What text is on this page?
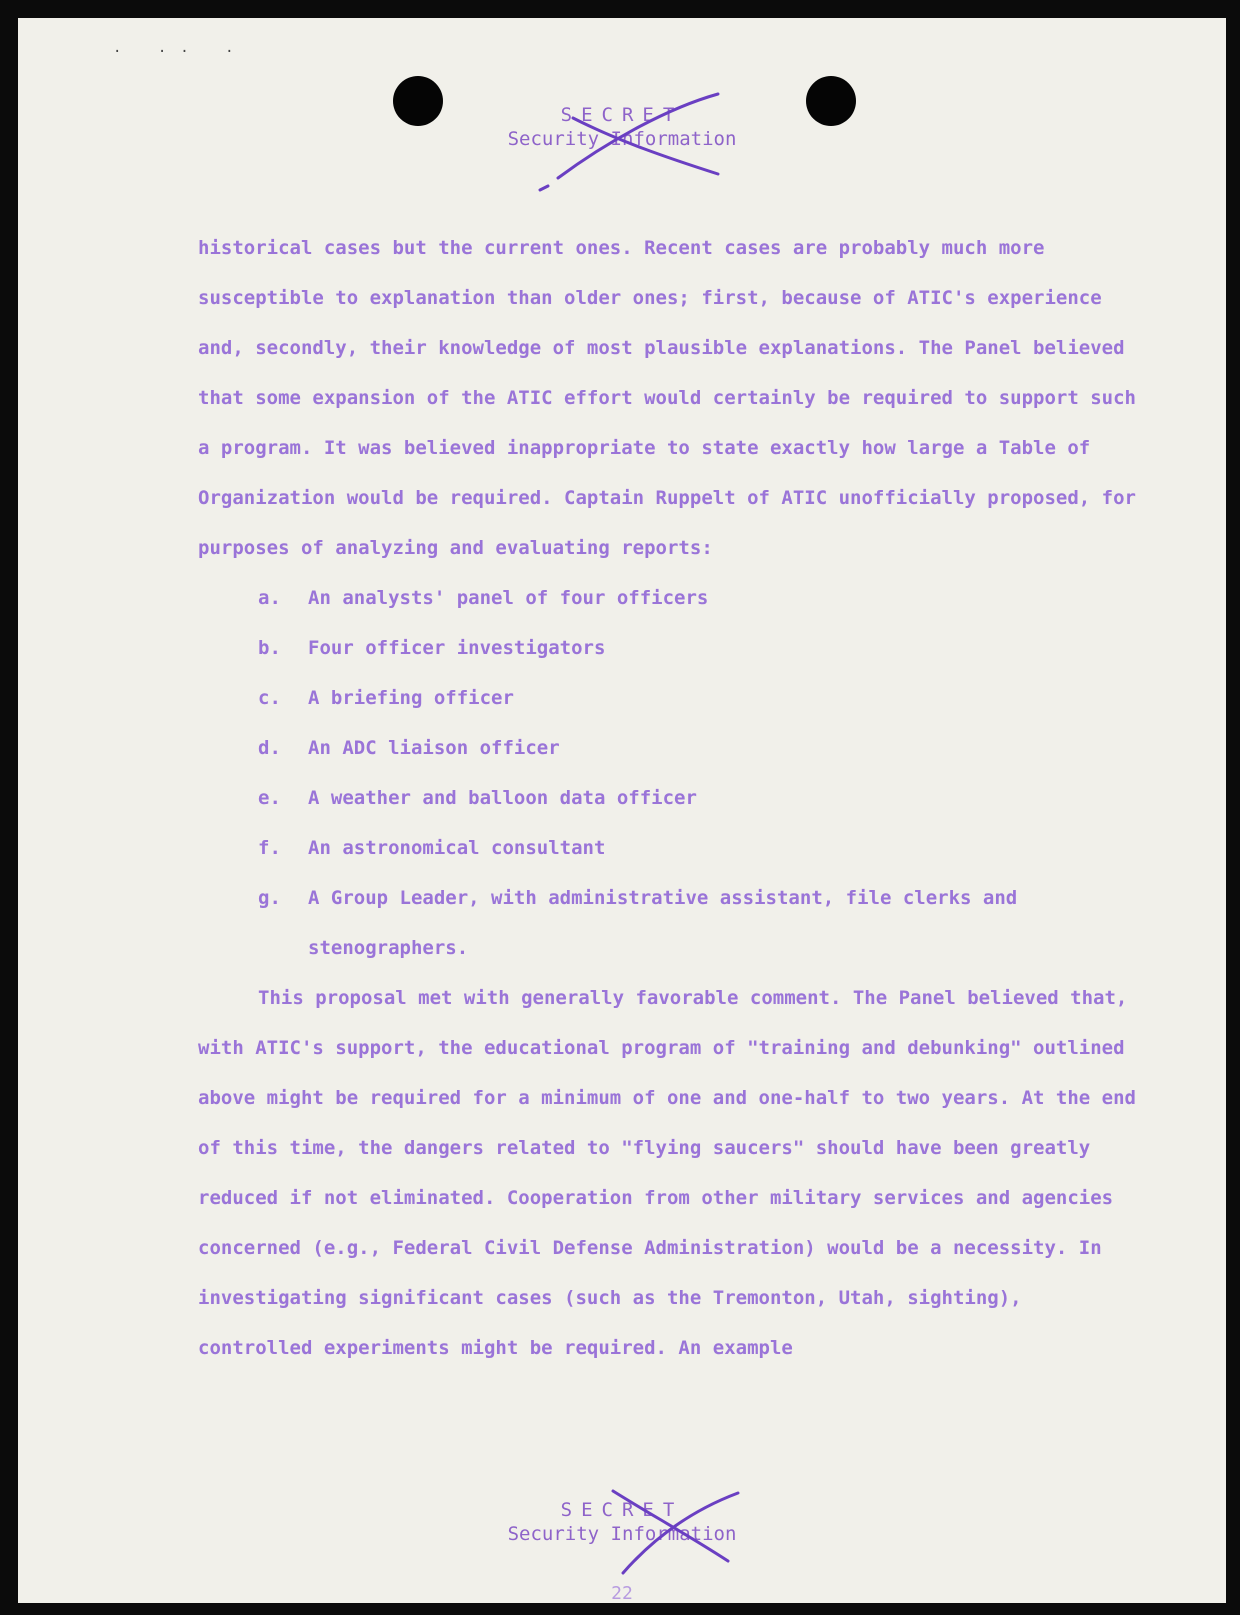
. .. .
SECRET
Security Information

historical cases but the current ones. Recent cases are probably much more susceptible to explanation than older ones; first, because of ATIC's experience and, secondly, their knowledge of most plausible explanations. The Panel believed that some expansion of the ATIC effort would certainly be required to support such a program. It was believed inappropriate to state exactly how large a Table of Organization would be required. Captain Ruppelt of ATIC unofficially proposed, for purposes of analyzing and evaluating reports:

a.	An analysts' panel of four officers
b.	Four officer investigators
c.	A briefing officer
d.	An ADC liaison officer
e.	A weather and balloon data officer
f.	An astronomical consultant
g.	A Group Leader, with administrative assistant, file clerks and stenographers.

This proposal met with generally favorable comment. The Panel believed that, with ATIC's support, the educational program of "training and debunking" outlined above might be required for a minimum of one and one-half to two years. At the end of this time, the dangers related to "flying saucers" should have been greatly reduced if not eliminated. Cooperation from other military services and agencies concerned (e.g., Federal Civil Defense Administration) would be a necessity. In investigating significant cases (such as the Tremonton, Utah, sighting), controlled experiments might be required. An example

SECRET
Security Information
22
